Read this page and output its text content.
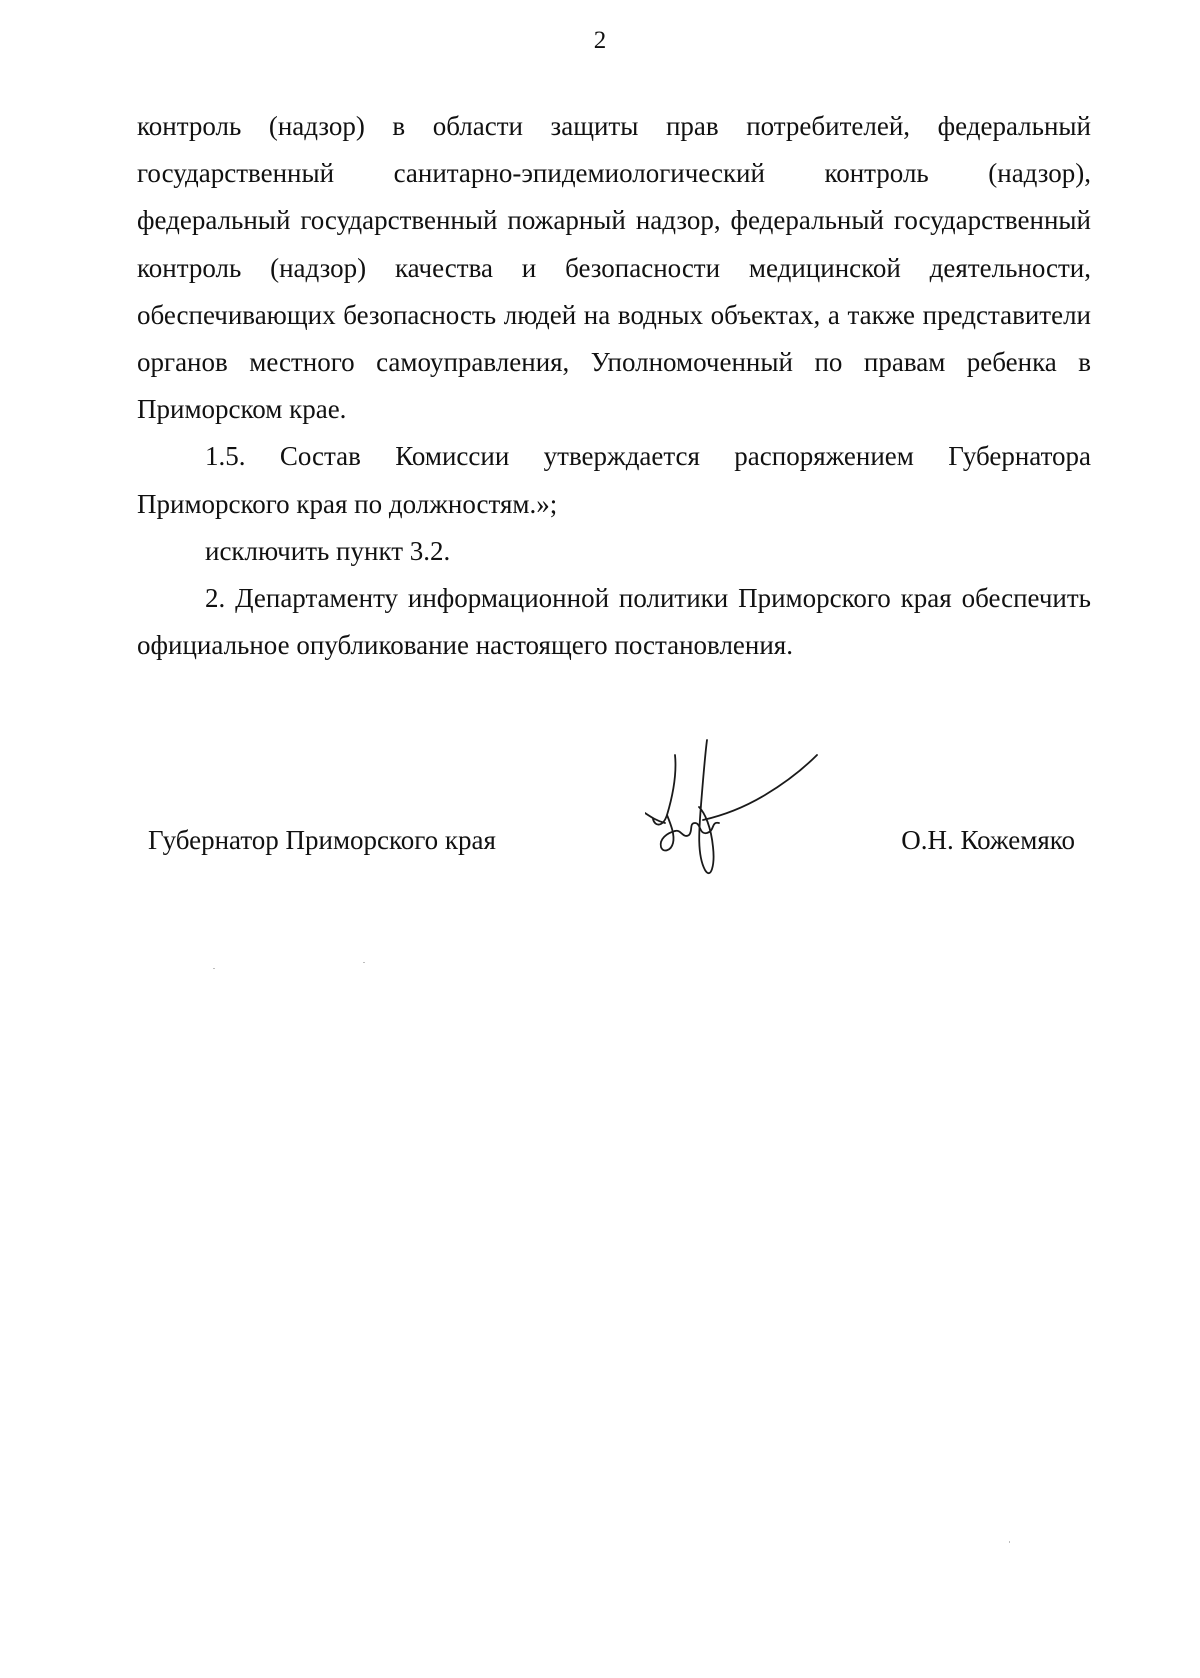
2

контроль (надзор) в области защиты прав потребителей, федеральный государственный санитарно-эпидемиологический контроль (надзор), федеральный государственный пожарный надзор, федеральный государственный контроль (надзор) качества и безопасности медицинской деятельности, обеспечивающих безопасность людей на водных объектах, а также представители органов местного самоуправления, Уполномоченный по правам ребенка в Приморском крае.

1.5. Состав Комиссии утверждается распоряжением Губернатора Приморского края по должностям.»;

исключить пункт 3.2.

2. Департаменту информационной политики Приморского края обеспечить официальное опубликование настоящего постановления.

Губернатор Приморского края	О.Н. Кожемяко
